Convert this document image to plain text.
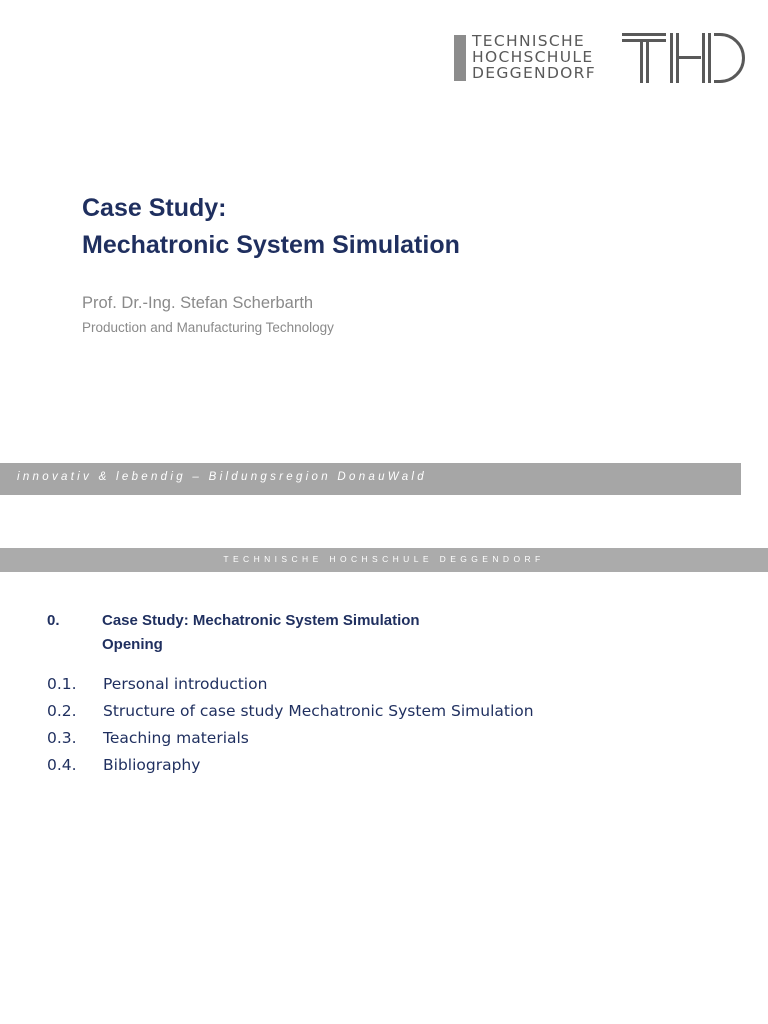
TECHNISCHE
HOCHSCHULE
DEGGENDORF
Case Study:
Mechatronic System Simulation
Prof. Dr.-Ing. Stefan Scherbarth
Production and Manufacturing Technology
innovativ & lebendig – Bildungsregion DonauWald
TECHNISCHE HOCHSCHULE DEGGENDORF
0.	Case Study: Mechatronic System Simulation
Opening
0.1. Personal introduction
0.2. Structure of case study Mechatronic System Simulation
0.3. Teaching materials
0.4. Bibliography
